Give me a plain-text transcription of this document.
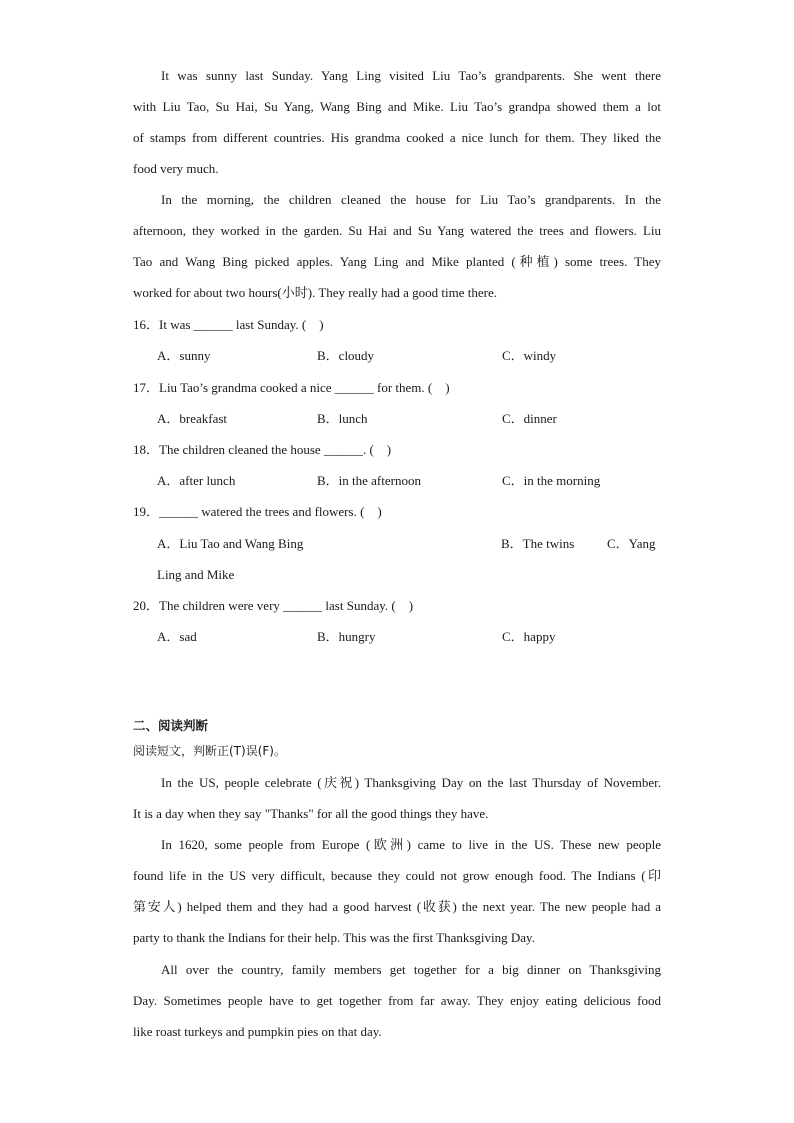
It was sunny last Sunday. Yang Ling visited Liu Tao’s grandparents. She went there
with Liu Tao, Su Hai, Su Yang, Wang Bing and Mike. Liu Tao’s grandpa showed them a lot
of stamps from different countries. His grandma cooked a nice lunch for them. They liked the
food very much.
In the morning, the children cleaned the house for Liu Tao’s grandparents. In the
afternoon, they worked in the garden. Su Hai and Su Yang watered the trees and flowers. Liu
Tao and Wang Bing picked apples. Yang Ling and Mike planted (种植) some trees. They
worked for about two hours(小时). They really had a good time there.
16．It was ______ last Sunday. (　)
A．sunny	B．cloudy	C．windy
17．Liu Tao’s grandma cooked a nice ______ for them. (　)
A．breakfast	B．lunch	C．dinner
18．The children cleaned the house ______. (　)
A．after lunch	B．in the afternoon	C．in the morning
19．______ watered the trees and flowers. (　)
A．Liu Tao and Wang Bing	B．The twins	C．Yang
Ling and Mike
20．The children were very ______ last Sunday. (　)
A．sad	B．hungry	C．happy
二、阅读判断
阅读短文，判断正(T)误(F)。
In the US, people celebrate (庆祝) Thanksgiving Day on the last Thursday of November.
It is a day when they say "Thanks" for all the good things they have.
In 1620, some people from Europe (欧洲) came to live in the US. These new people
found life in the US very difficult, because they could not grow enough food. The Indians (印
第安人) helped them and they had a good harvest (收获) the next year. The new people had a
party to thank the Indians for their help. This was the first Thanksgiving Day.
All over the country, family members get together for a big dinner on Thanksgiving
Day. Sometimes people have to get together from far away. They enjoy eating delicious food
like roast turkeys and pumpkin pies on that day.
